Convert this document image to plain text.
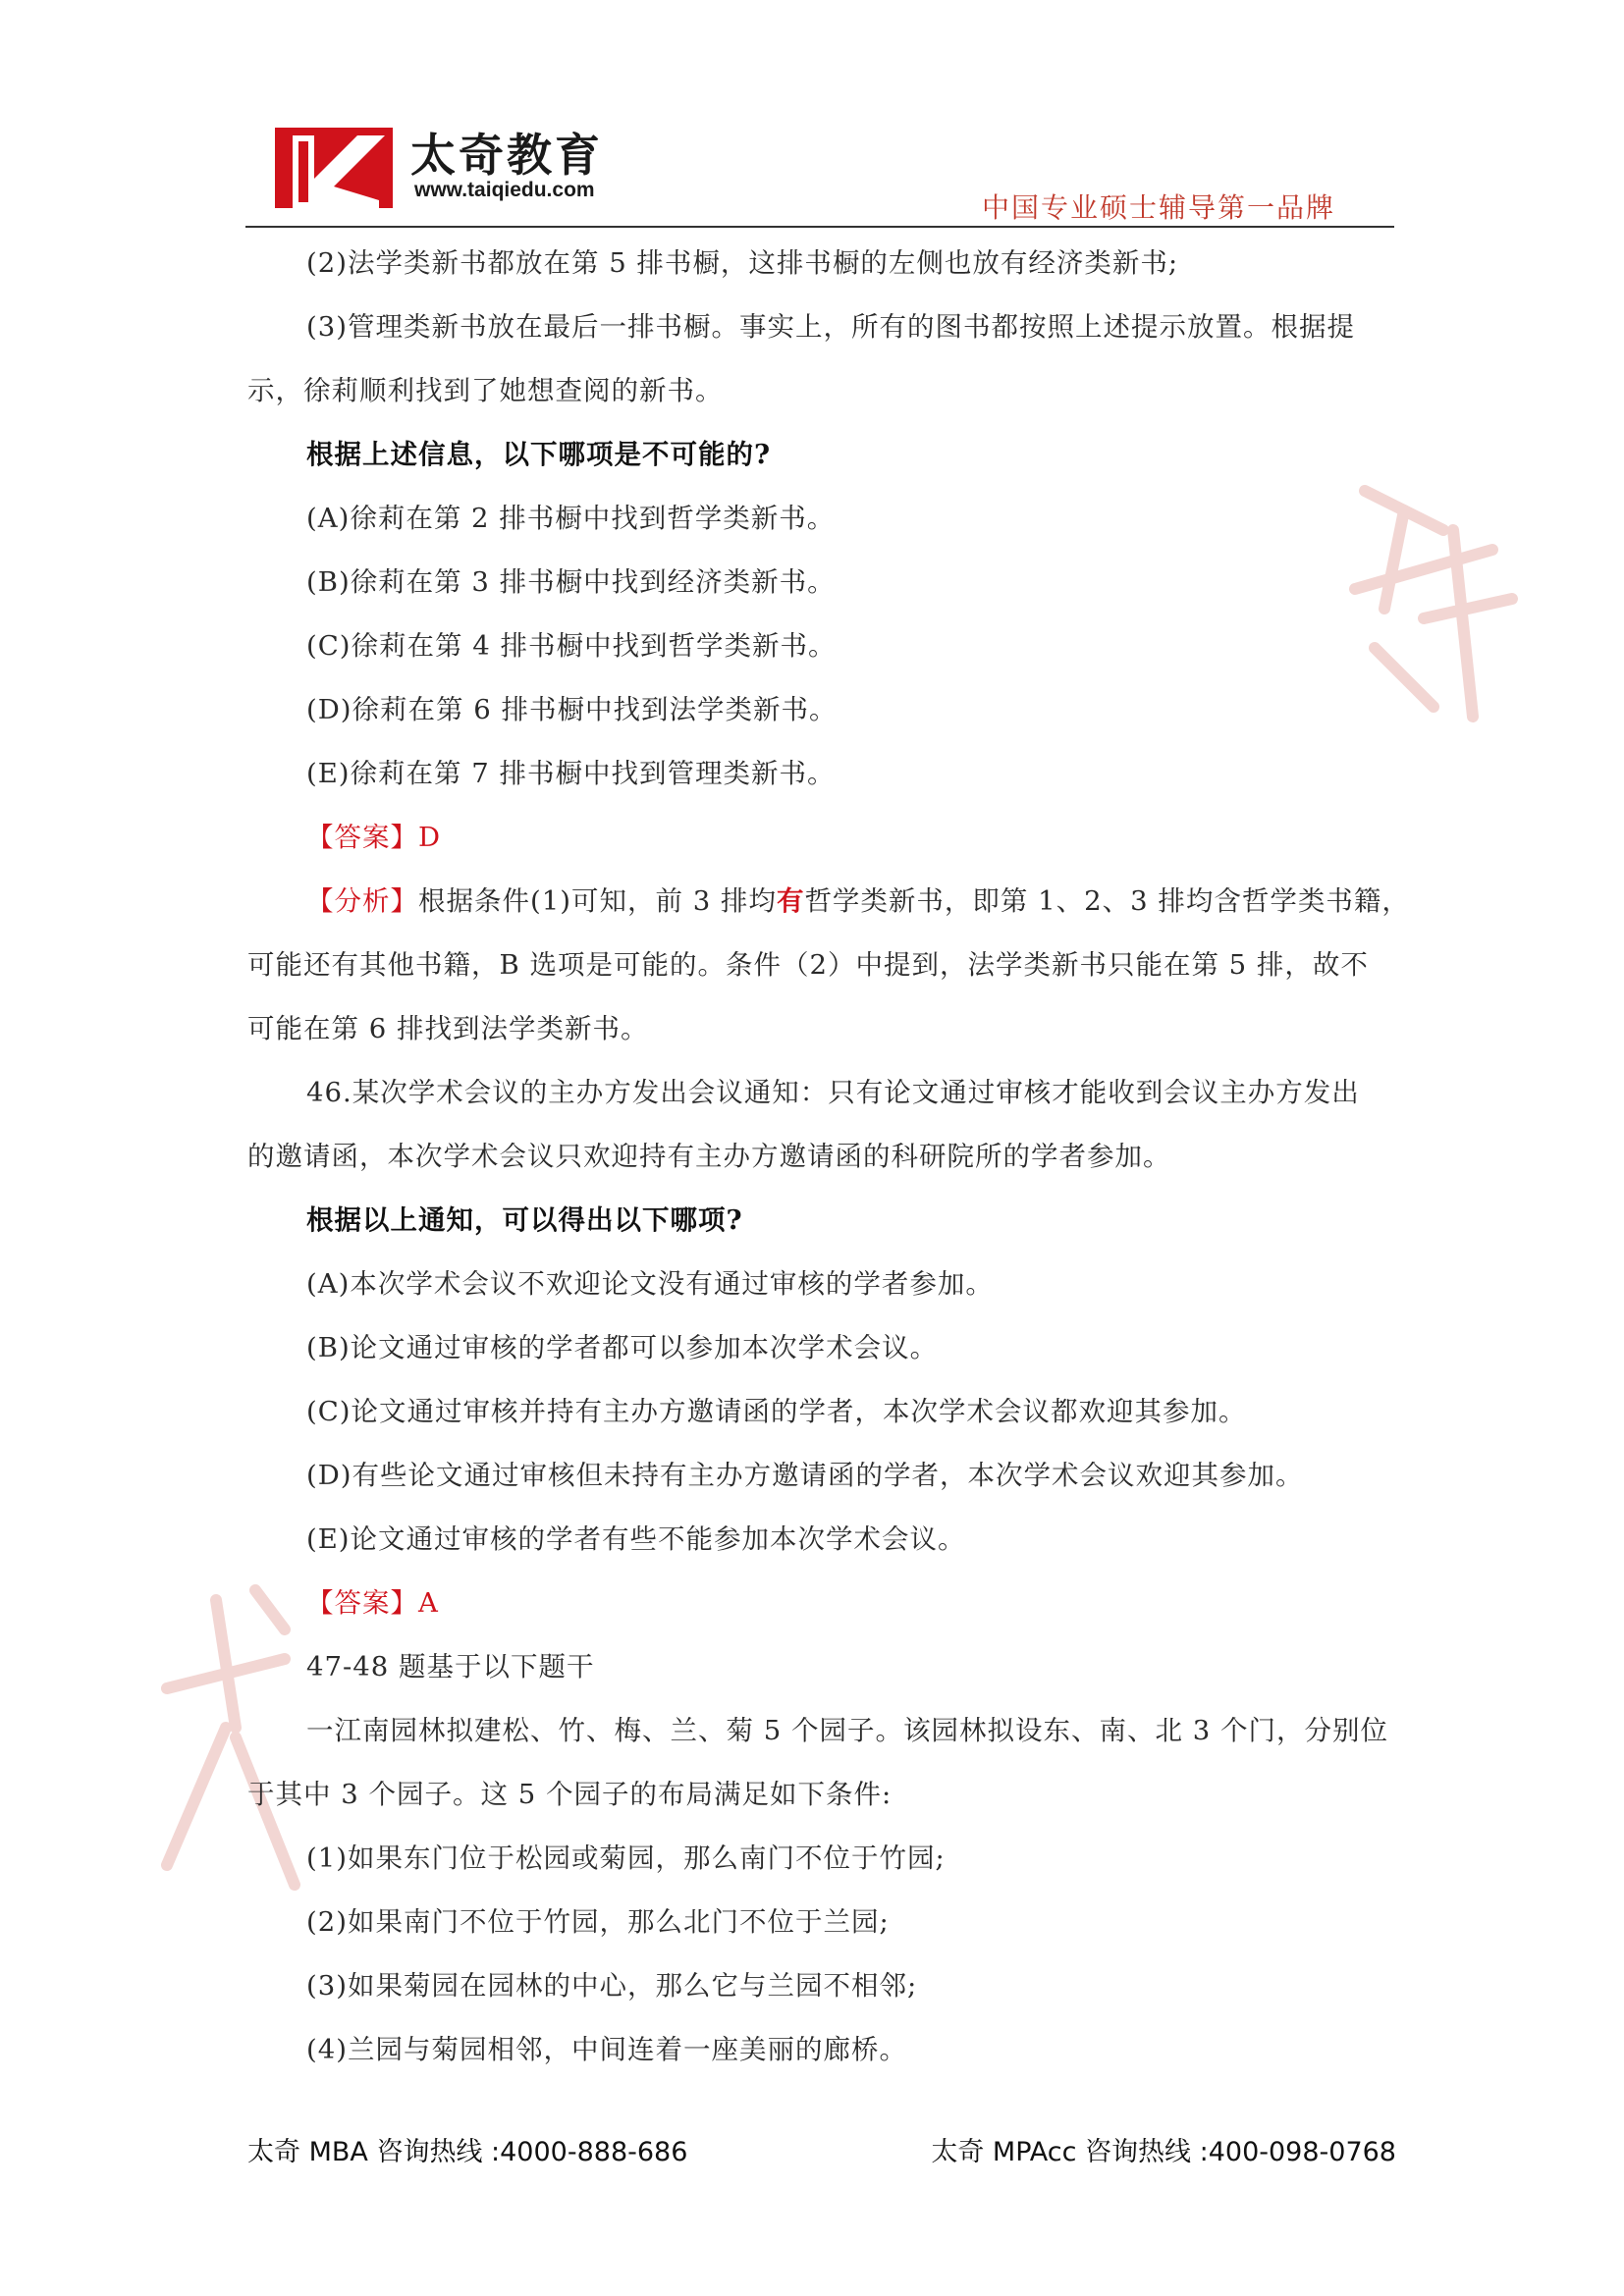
太奇教育
www.taiqiedu.com
中国专业硕士辅导第一品牌
(2)法学类新书都放在第 5 排书橱，这排书橱的左侧也放有经济类新书;
(3)管理类新书放在最后一排书橱。事实上，所有的图书都按照上述提示放置。根据提
示，徐莉顺利找到了她想查阅的新书。
根据上述信息，以下哪项是不可能的?
(A)徐莉在第 2 排书橱中找到哲学类新书。
(B)徐莉在第 3 排书橱中找到经济类新书。
(C)徐莉在第 4 排书橱中找到哲学类新书。
(D)徐莉在第 6 排书橱中找到法学类新书。
(E)徐莉在第 7 排书橱中找到管理类新书。
【答案】D
【分析】根据条件(1)可知，前 3 排均有哲学类新书，即第 1、2、3 排均含哲学类书籍，
可能还有其他书籍，B 选项是可能的。条件（2）中提到，法学类新书只能在第 5 排，故不
可能在第 6 排找到法学类新书。
46.某次学术会议的主办方发出会议通知：只有论文通过审核才能收到会议主办方发出
的邀请函，本次学术会议只欢迎持有主办方邀请函的科研院所的学者参加。
根据以上通知，可以得出以下哪项?
(A)本次学术会议不欢迎论文没有通过审核的学者参加。
(B)论文通过审核的学者都可以参加本次学术会议。
(C)论文通过审核并持有主办方邀请函的学者，本次学术会议都欢迎其参加。
(D)有些论文通过审核但未持有主办方邀请函的学者，本次学术会议欢迎其参加。
(E)论文通过审核的学者有些不能参加本次学术会议。
【答案】A
47-48 题基于以下题干
一江南园林拟建松、竹、梅、兰、菊 5 个园子。该园林拟设东、南、北 3 个门，分别位
于其中 3 个园子。这 5 个园子的布局满足如下条件:
(1)如果东门位于松园或菊园，那么南门不位于竹园;
(2)如果南门不位于竹园，那么北门不位于兰园;
(3)如果菊园在园林的中心，那么它与兰园不相邻;
(4)兰园与菊园相邻，中间连着一座美丽的廊桥。
太奇 MBA 咨询热线 :4000-888-686	太奇 MPAcc 咨询热线 :400-098-0768
